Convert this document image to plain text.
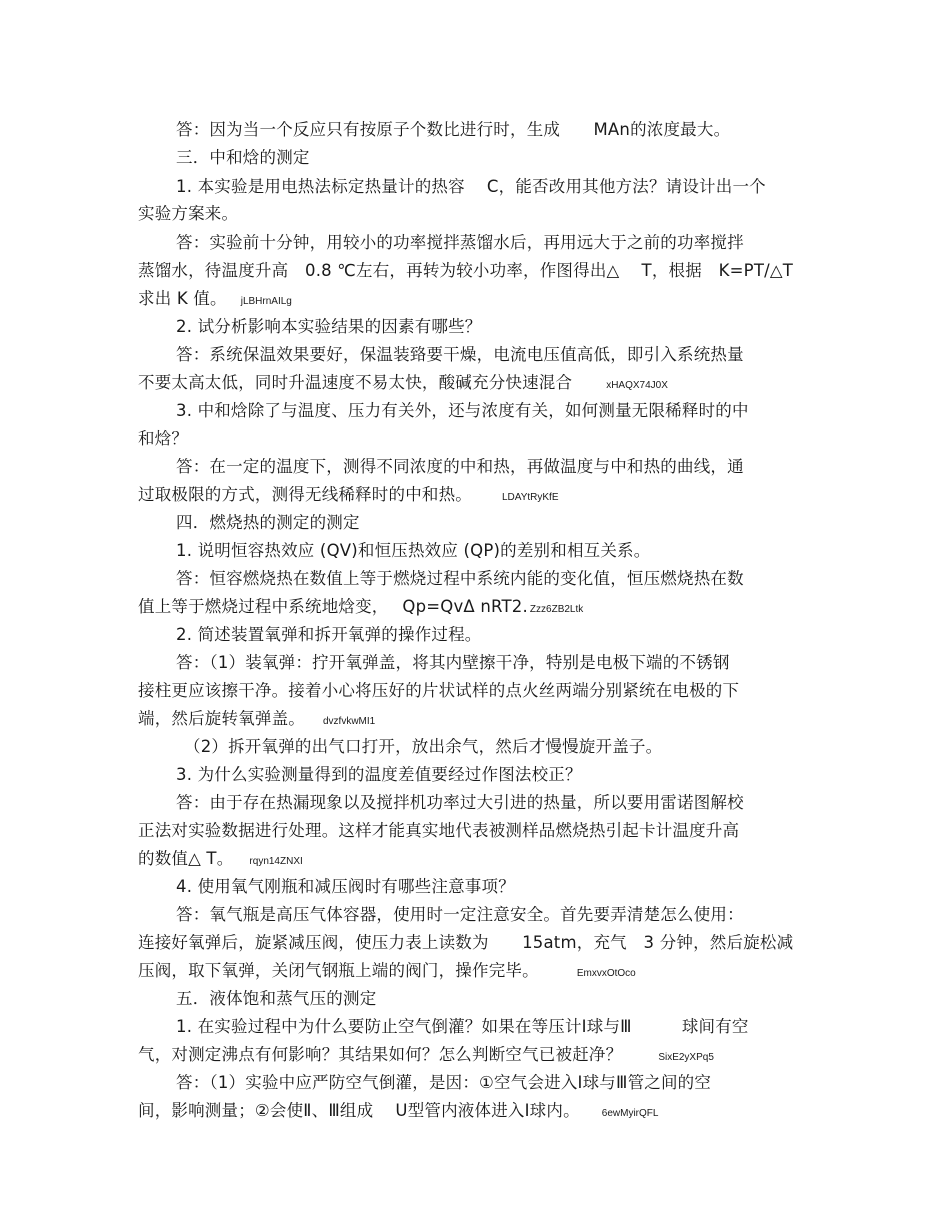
答：因为当一个反应只有按原子个数比进行时，生成　　MAn的浓度最大。
三．中和焓的测定
1. 本实验是用电热法标定热量计的热容　 C，能否改用其他方法？请设计出一个
实验方案来。
答：实验前十分钟，用较小的功率搅拌蒸馏水后，再用远大于之前的功率搅拌
蒸馏水，待温度升高　0.8 ℃左右，再转为较小功率，作图得出△　 T，根据　K=PT/△T
求出 K 值。 jLBHrnAILg
2. 试分析影响本实验结果的因素有哪些？
答：系统保温效果要好，保温装臵要干燥，电流电压值高低，即引入系统热量
不要太高太低，同时升温速度不易太快，酸碱充分快速混合	xHAQX74J0X
3. 中和焓除了与温度、压力有关外，还与浓度有关，如何测量无限稀释时的中
和焓？
答：在一定的温度下，测得不同浓度的中和热，再做温度与中和热的曲线，通
过取极限的方式，测得无线稀释时的中和热。	LDAYtRyKfE
四．燃烧热的测定的测定
1. 说明恒容热效应 (QV)和恒压热效应 (QP)的差别和相互关系。
答：恒容燃烧热在数值上等于燃烧过程中系统内能的变化值，恒压燃烧热在数
值上等于燃烧过程中系统地焓变，　 Qp=QvΔ nRT2. Zzz6ZB2Ltk
2. 简述装置氧弹和拆开氧弹的操作过程。
答：（1）装氧弹：拧开氧弹盖，将其内壁擦干净，特别是电极下端的不锈钢
接柱更应该擦干净。接着小心将压好的片状试样的点火丝两端分别紧统在电极的下
端，然后旋转氧弹盖。 dvzfvkwMI1
（2）拆开氧弹的出气口打开，放出余气，然后才慢慢旋开盖子。
3. 为什么实验测量得到的温度差值要经过作图法校正？
答：由于存在热漏现象以及搅拌机功率过大引进的热量，所以要用雷诺图解校
正法对实验数据进行处理。这样才能真实地代表被测样品燃烧热引起卡计温度升高
的数值△ T。 rqyn14ZNXI
4. 使用氧气刚瓶和减压阀时有哪些注意事项？
答：氧气瓶是高压气体容器，使用时一定注意安全。首先要弄清楚怎么使用：
连接好氧弹后，旋紧减压阀，使压力表上读数为　　15atm，充气　3 分钟，然后旋松减
压阀，取下氧弹，关闭气钢瓶上端的阀门，操作完毕。	EmxvxOtOco
五．液体饱和蒸气压的测定
1. 在实验过程中为什么要防止空气倒灌？如果在等压计Ⅰ球与Ⅲ　　　球间有空
气，对测定沸点有何影响？其结果如何？怎么判断空气已被赶净？	SixE2yXPq5
答：（1）实验中应严防空气倒灌，是因：①空气会进入Ⅰ球与Ⅲ管之间的空
间，影响测量；②会使Ⅱ、Ⅲ组成　 U型管内液体进入Ⅰ球内。 6ewMyirQFL
